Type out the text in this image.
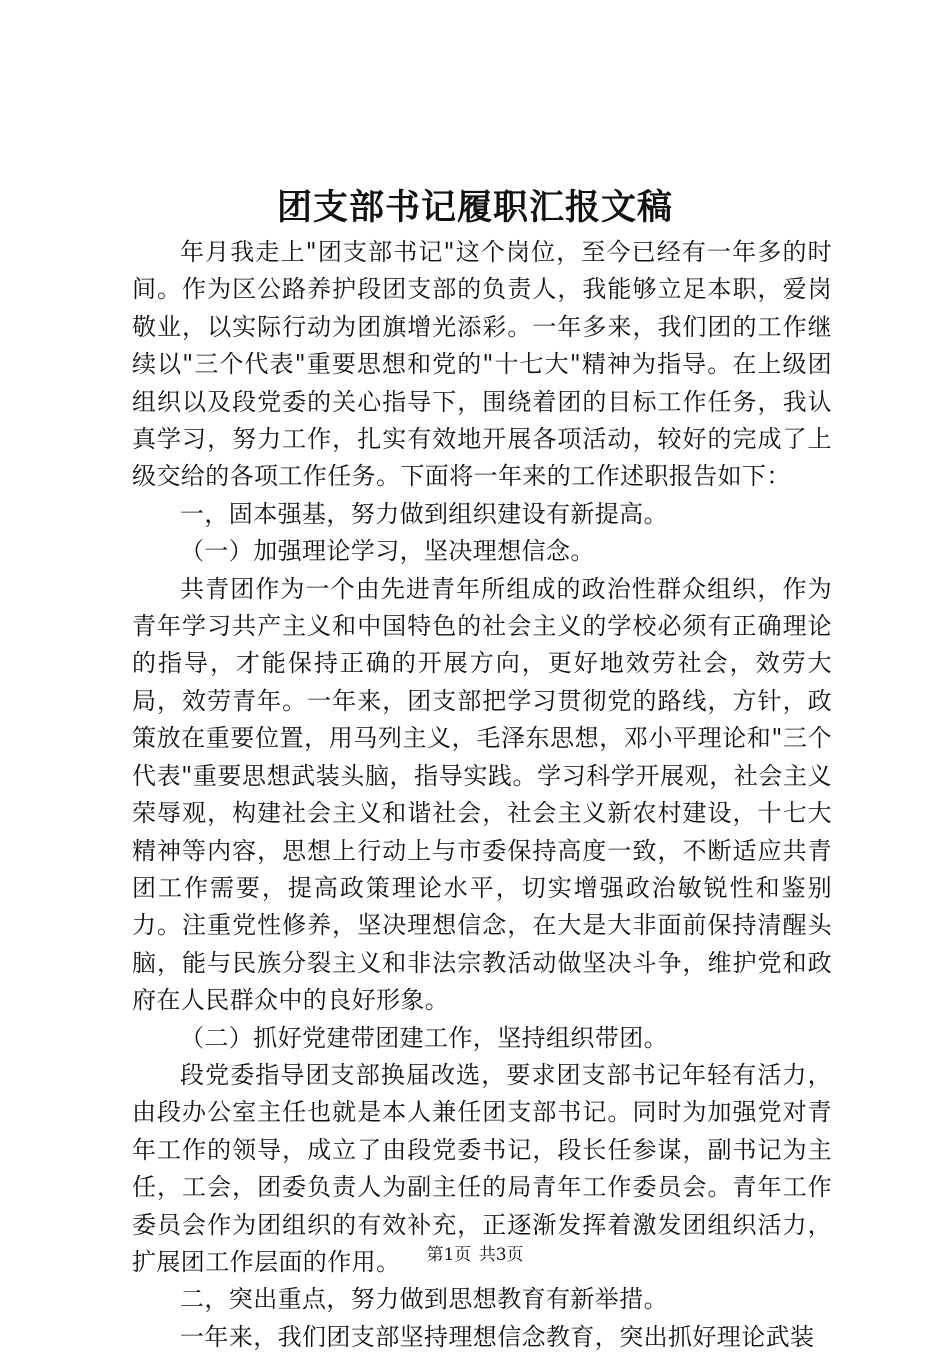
团支部书记履职汇报文稿

年月我走上"团支部书记"这个岗位，至今已经有一年多的时间。作为区公路养护段团支部的负责人，我能够立足本职，爱岗敬业，以实际行动为团旗增光添彩。一年多来，我们团的工作继续以"三个代表"重要思想和党的"十七大"精神为指导。在上级团组织以及段党委的关心指导下，围绕着团的目标工作任务，我认真学习，努力工作，扎实有效地开展各项活动，较好的完成了上级交给的各项工作任务。下面将一年来的工作述职报告如下：

一，固本强基，努力做到组织建设有新提高。

（一）加强理论学习，坚决理想信念。

共青团作为一个由先进青年所组成的政治性群众组织，作为青年学习共产主义和中国特色的社会主义的学校必须有正确理论的指导，才能保持正确的开展方向，更好地效劳社会，效劳大局，效劳青年。一年来，团支部把学习贯彻党的路线，方针，政策放在重要位置，用马列主义，毛泽东思想，邓小平理论和"三个代表"重要思想武装头脑，指导实践。学习科学开展观，社会主义荣辱观，构建社会主义和谐社会，社会主义新农村建设，十七大精神等内容，思想上行动上与市委保持高度一致，不断适应共青团工作需要，提高政策理论水平，切实增强政治敏锐性和鉴别力。注重党性修养，坚决理想信念，在大是大非面前保持清醒头脑，能与民族分裂主义和非法宗教活动做坚决斗争，维护党和政府在人民群众中的良好形象。

（二）抓好党建带团建工作，坚持组织带团。

段党委指导团支部换届改选，要求团支部书记年轻有活力，由段办公室主任也就是本人兼任团支部书记。同时为加强党对青年工作的领导，成立了由段党委书记，段长任参谋，副书记为主任，工会，团委负责人为副主任的局青年工作委员会。青年工作委员会作为团组织的有效补充，正逐渐发挥着激发团组织活力，扩展团工作层面的作用。

二，突出重点，努力做到思想教育有新举措。

一年来，我们团支部坚持理想信念教育，突出抓好理论武装

第1页 共3页
